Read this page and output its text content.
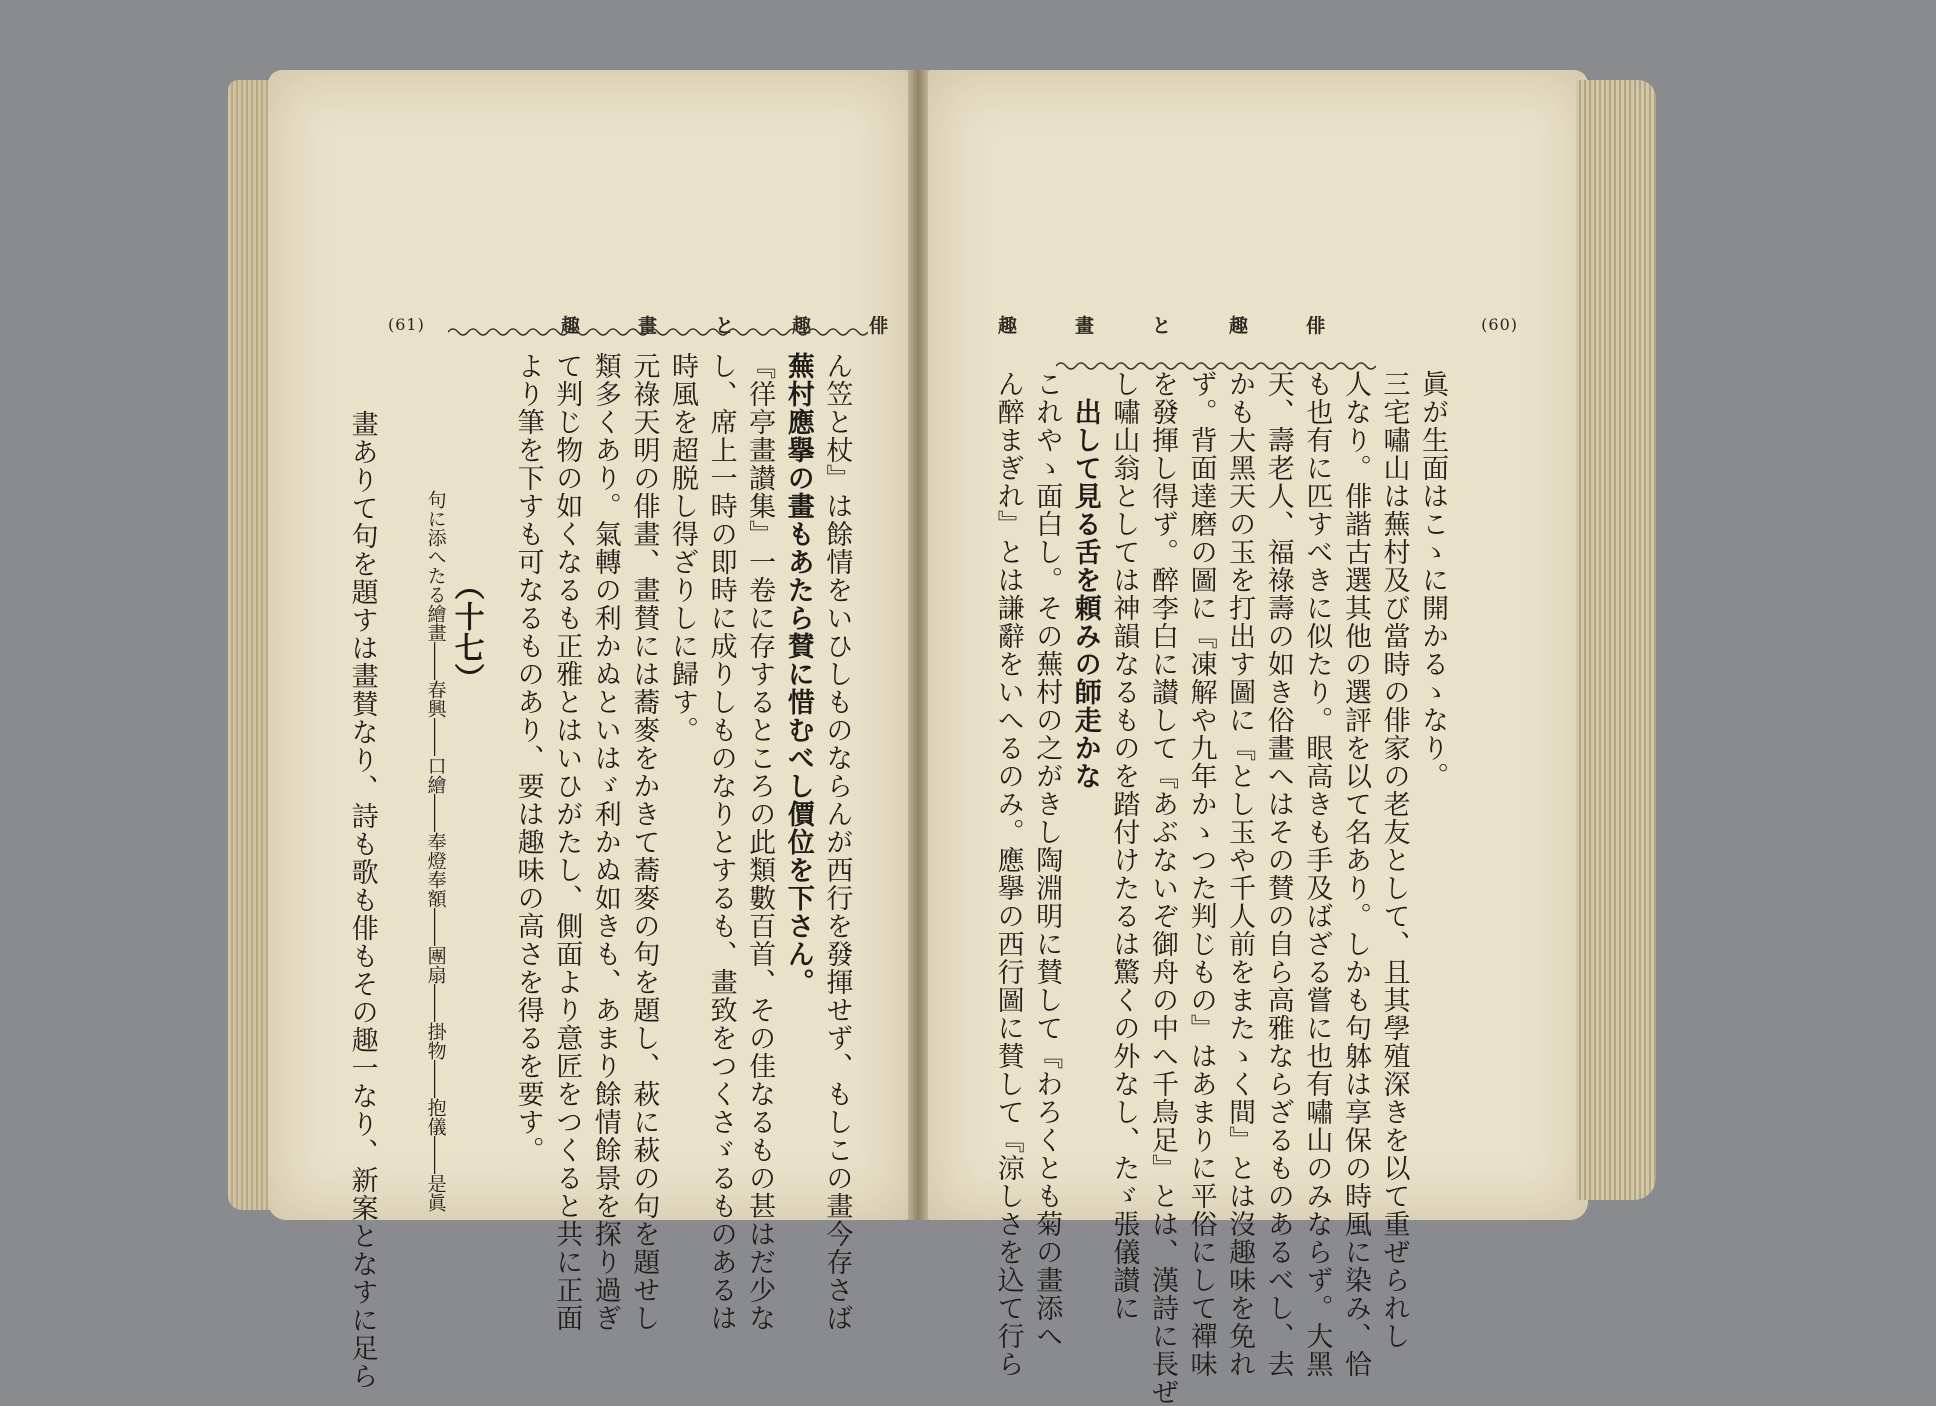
(61)	趣	畫	と	趣	俳
ん笠と杖』は餘情をいひしものならんが西行を發揮せず、もしこの畫今存さば
蕪村應擧の畫もあたら賛に惜むべし價位を下さん。
『徉亭畫讃集』一卷に存するところの此類數百首、その佳なるもの甚はだ少な
し、席上一時の即時に成りしものなりとするも、畫致をつくさゞるものあるは
時風を超脱し得ざりしに歸す。
元祿天明の俳畫、畫賛には蕎麥をかきて蕎麥の句を題し、萩に萩の句を題せし
類多くあり。氣轉の利かぬといはゞ利かぬ如きも、あまり餘情餘景を探り過ぎ
て判じ物の如くなるも正雅とはいひがたし、側面より意匠をつくると共に正面
より筆を下すも可なるものあり、要は趣味の高さを得るを要す。
（十七）
句に添へたる繪畫――春興――口繪――奉燈奉額――團扇――掛物――抱儀――是眞
畫ありて句を題すは畫賛なり、詩も歌も俳もその趣一なり、新案となすに足ら
趣	畫	と	趣	俳	(60)
眞が生面はこゝに開かるゝなり。
三宅嘯山は蕪村及び當時の俳家の老友として、且其學殖深きを以て重ぜられし
人なり。俳諧古選其他の選評を以て名あり。しかも句躰は享保の時風に染み、恰
も也有に匹すべきに似たり。眼高きも手及ばざる嘗に也有嘯山のみならず。大黑
天、壽老人、福祿壽の如き俗畫へはその賛の自ら高雅ならざるものあるべし、去
かも大黑天の玉を打出す圖に『とし玉や千人前をまたゝく間』とは沒趣味を免れ
ず。背面達磨の圖に『凍解や九年かゝつた判じもの』はあまりに平俗にして禪味
を發揮し得ず。醉李白に讃して『あぶないぞ御舟の中へ千鳥足』とは、漢詩に長ぜ
し嘯山翁としては神韻なるものを踏付けたるは驚くの外なし、たゞ張儀讃に
　出して見る舌を頼みの師走かな
これやゝ面白し。その蕪村の之がきし陶淵明に賛して『わろくとも菊の畫添へ
ん醉まぎれ』とは謙辭をいへるのみ。應擧の西行圖に賛して『涼しさを込て行ら
